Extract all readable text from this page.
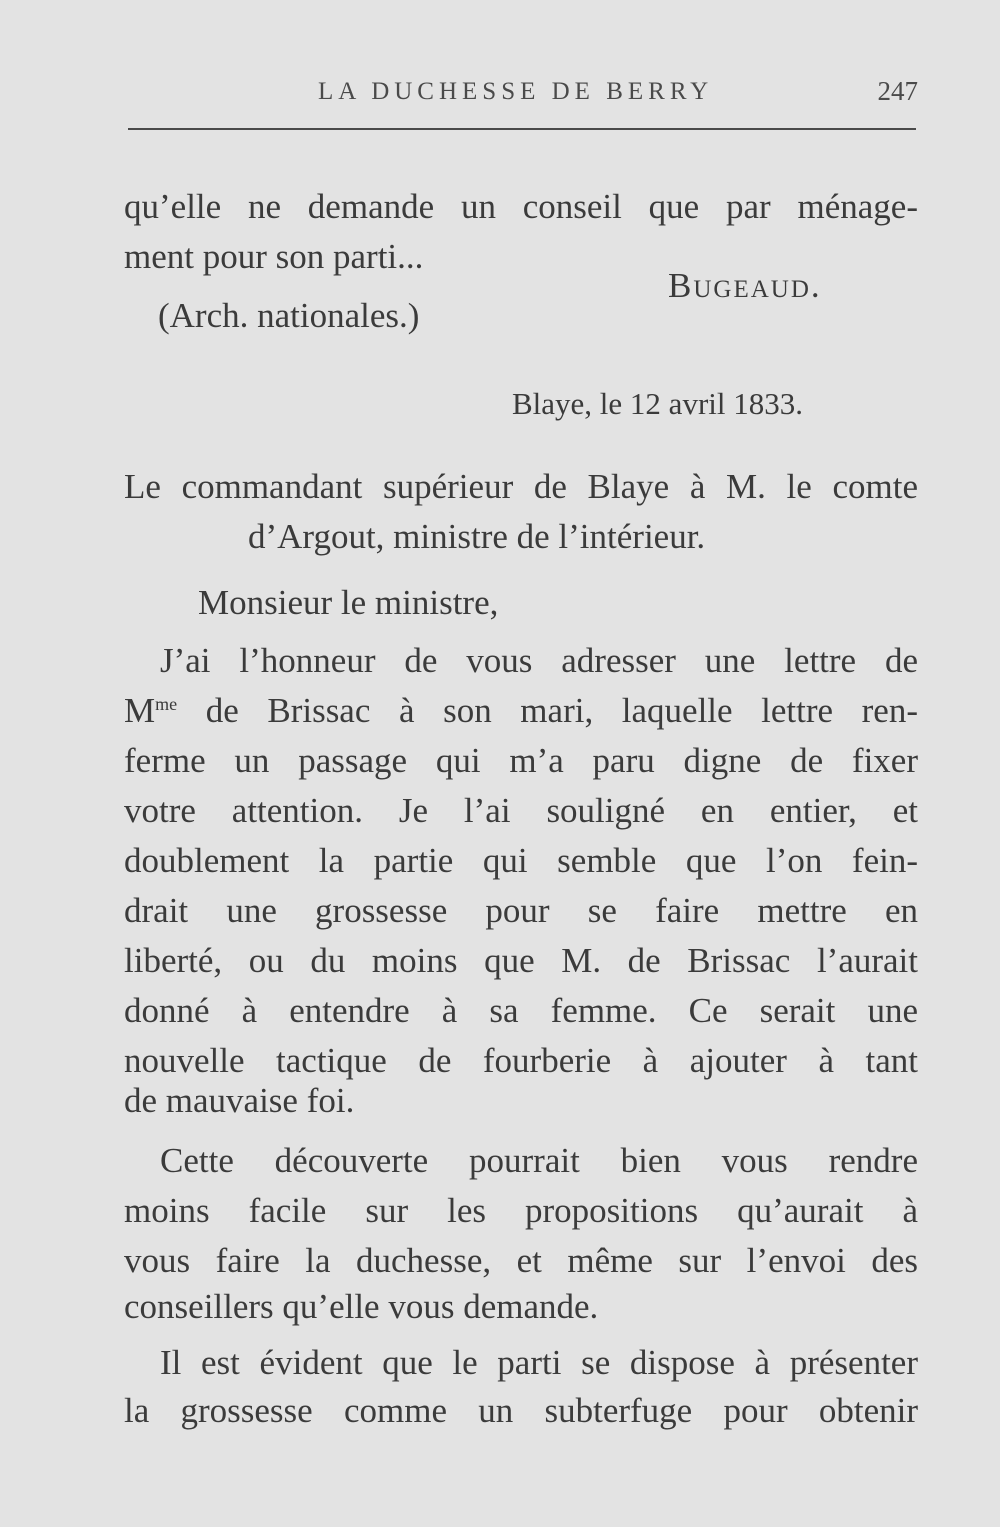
LA DUCHESSE DE BERRY	247
qu’elle ne demande un conseil que par ménage-
ment pour son parti...
Bugeaud.
(Arch. nationales.)
Blaye, le 12 avril 1833.
Le commandant supérieur de Blaye à M. le comte
d’Argout, ministre de l’intérieur.
Monsieur le ministre,
J’ai l’honneur de vous adresser une lettre de
$M^{me}$ de Brissac à son mari, laquelle lettre ren-
ferme un passage qui m’a paru digne de fixer
votre attention. Je l’ai souligné en entier, et
doublement la partie qui semble que l’on fein-
drait une grossesse pour se faire mettre en
liberté, ou du moins que M. de Brissac l’aurait
donné à entendre à sa femme. Ce serait une
nouvelle tactique de fourberie à ajouter à tant
de mauvaise foi.
Cette découverte pourrait bien vous rendre
moins facile sur les propositions qu’aurait à
vous faire la duchesse, et même sur l’envoi des
conseillers qu’elle vous demande.
Il est évident que le parti se dispose à présenter
la grossesse comme un subterfuge pour obtenir
